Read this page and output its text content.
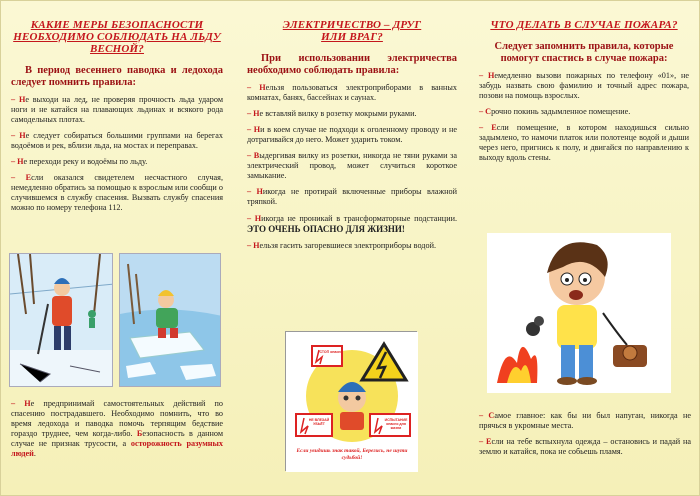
КАКИЕ МЕРЫ БЕЗОПАСНОСТИ НЕОБХОДИМО СОБЛЮДАТЬ НА ЛЬДУ ВЕСНОЙ?
В период весеннего паводка и ледохода следует помнить правила:
– Не выходи на лед, не проверяя прочность льда ударом ноги и не катайся на плавающих льдинах и всякого рода самодельных плотах.
– Не следует собираться большими группами на берегах водоёмов и рек, вблизи льда, на мостах и переправах.
– Не переходи реку и водоёмы по льду.
– Если оказался свидетелем несчастного случая, немедленно обратись за помощью к взрослым или сообщи о случившемся в службу спасения. Вызвать службу спасения можно по номеру телефона 112.
– Не предпринимай самостоятельных действий по спасению пострадавшего. Необходимо помнить, что во время ледохода и паводка помочь терпящим бедствие гораздо труднее, чем когда-либо. Безопасность в данном случае не признак трусости, а осторожность разумных людей.
ЭЛЕКТРИЧЕСТВО – ДРУГ ИЛИ ВРАГ?
При использовании электричества необходимо соблюдать правила:
– Нельзя пользоваться электроприборами в ванных комнатах, банях, бассейнах и саунах.
– Не вставляй вилку в розетку мокрыми руками.
– Ни в коем случае не подходи к оголенному проводу и не дотрагивайся до него. Может ударить током.
– Выдергивая вилку из розетки, никогда не тяни руками за электрический провод, может случиться короткое замыкание.
– Никогда не протирай включенные приборы влажной тряпкой.
– Никогда не проникай в трансформаторные подстанции. ЭТО ОЧЕНЬ ОПАСНО ДЛЯ ЖИЗНИ!
– Нельзя гасить загоревшиеся электроприборы водой.
СТОП опасно
НЕ ВЛЕЗАЙ УБЬЁТ
ИСПЫТАНИЕ опасно для жизни
Если увидишь знак такой, Берегись, не шути судьбой!
ЧТО ДЕЛАТЬ В СЛУЧАЕ ПОЖАРА?
Следует запомнить правила, которые помогут спастись в случае пожара:
– Немедленно вызови пожарных по телефону «01», не забудь назвать свою фамилию и точный адрес пожара, позови на помощь взрослых.
– Срочно покинь задымленное помещение.
– Если помещение, в котором находишься сильно задымлено, то намочи платок или полотенце водой и дыши через него, пригнись к полу, и двигайся по направлению к выходу вдоль стены.
– Самое главное: как бы ни был напуган, никогда не прячься в укромные места.
– Если на тебе вспыхнула одежда – остановись и падай на землю и катайся, пока не собьешь пламя.
